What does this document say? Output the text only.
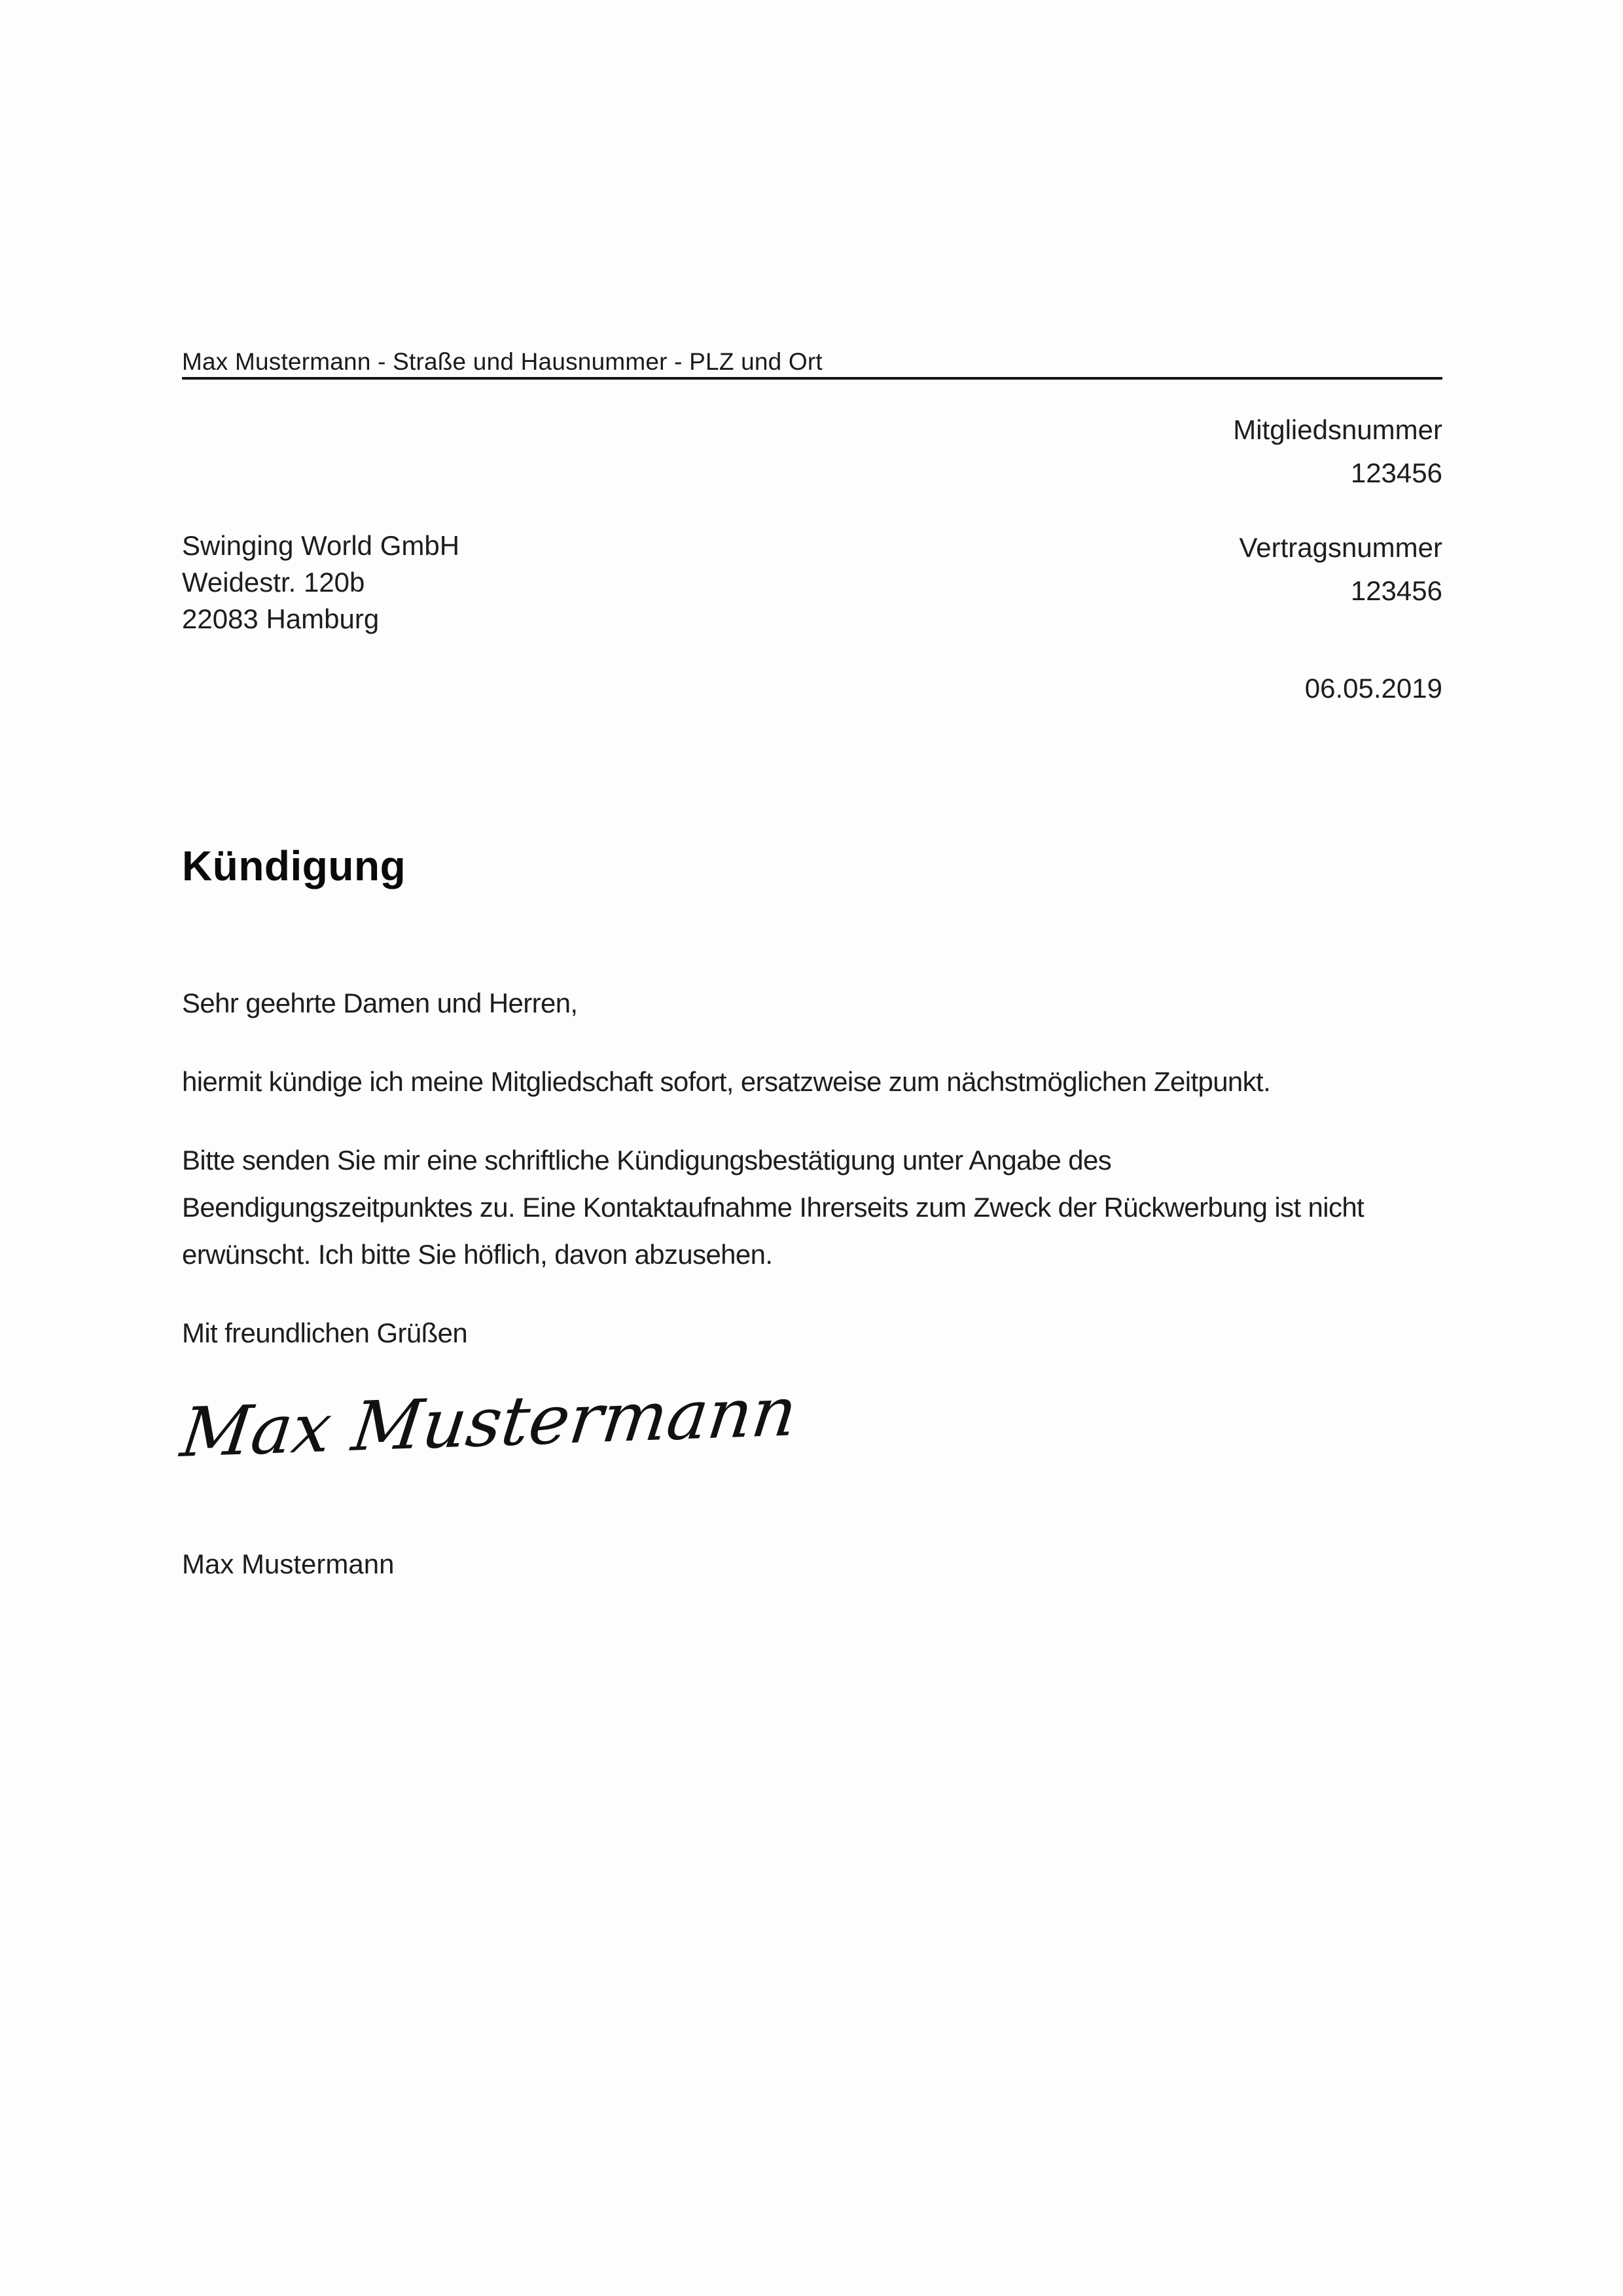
Max Mustermann - Straße und Hausnummer - PLZ und Ort
Mitgliedsnummer
123456
Vertragsnummer
123456
06.05.2019
Swinging World GmbH
Weidestr. 120b
22083 Hamburg
Kündigung
Sehr geehrte Damen und Herren,
hiermit kündige ich meine Mitgliedschaft sofort, ersatzweise zum nächstmöglichen Zeitpunkt.
Bitte senden Sie mir eine schriftliche Kündigungsbestätigung unter Angabe des
Beendigungszeitpunktes zu. Eine Kontaktaufnahme Ihrerseits zum Zweck der Rückwerbung ist nicht
erwünscht. Ich bitte Sie höflich, davon abzusehen.
Mit freundlichen Grüßen
Max Mustermann
Max Mustermann
